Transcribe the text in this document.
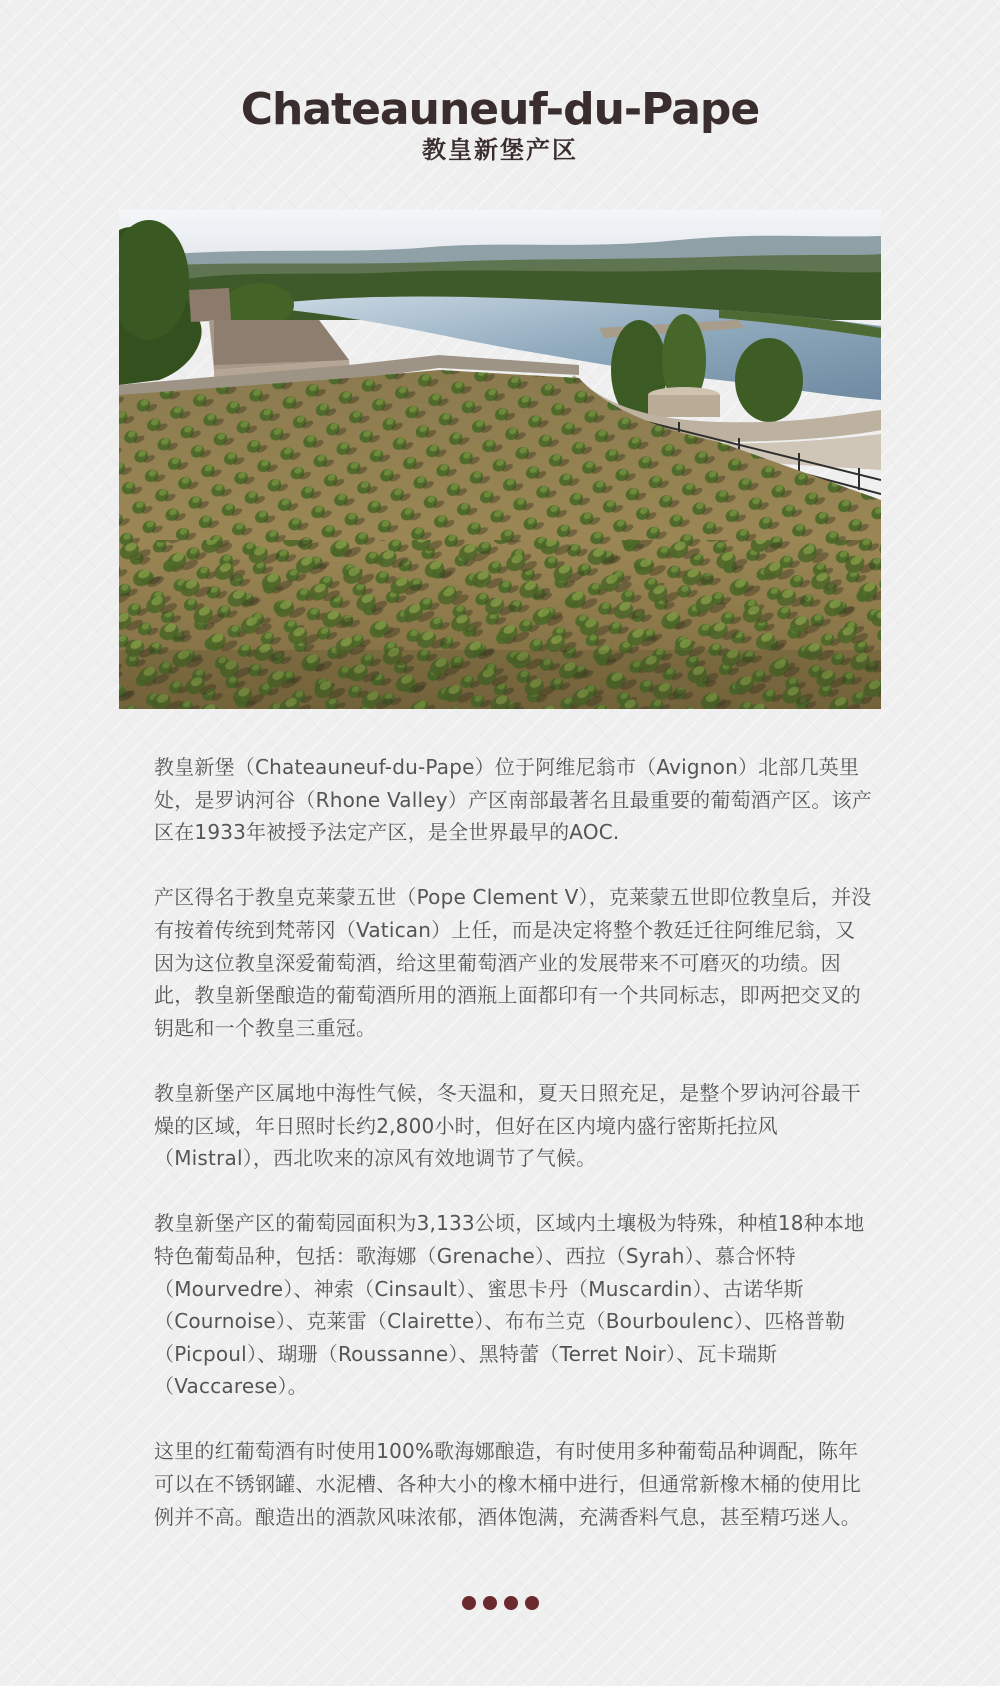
Chateauneuf-du-Pape
教皇新堡产区

教皇新堡（Chateauneuf-du-Pape）位于阿维尼翁市（Avignon）北部几英里处，是罗讷河谷（Rhone Valley）产区南部最著名且最重要的葡萄酒产区。该产区在1933年被授予法定产区，是全世界最早的AOC.

产区得名于教皇克莱蒙五世（Pope Clement V），克莱蒙五世即位教皇后，并没有按着传统到梵蒂冈（Vatican）上任，而是决定将整个教廷迁往阿维尼翁，又因为这位教皇深爱葡萄酒，给这里葡萄酒产业的发展带来不可磨灭的功绩。因此，教皇新堡酿造的葡萄酒所用的酒瓶上面都印有一个共同标志，即两把交叉的钥匙和一个教皇三重冠。

教皇新堡产区属地中海性气候，冬天温和，夏天日照充足，是整个罗讷河谷最干燥的区域，年日照时长约2,800小时，但好在区内境内盛行密斯托拉风（Mistral），西北吹来的凉风有效地调节了气候。

教皇新堡产区的葡萄园面积为3,133公顷，区域内土壤极为特殊，种植18种本地特色葡萄品种，包括：歌海娜（Grenache）、西拉（Syrah）、慕合怀特（Mourvedre）、神索（Cinsault）、蜜思卡丹（Muscardin）、古诺华斯（Cournoise）、克莱雷（Clairette）、布布兰克（Bourboulenc）、匹格普勒（Picpoul）、瑚珊（Roussanne）、黑特蕾（Terret Noir）、瓦卡瑞斯（Vaccarese）。

这里的红葡萄酒有时使用100%歌海娜酿造，有时使用多种葡萄品种调配，陈年可以在不锈钢罐、水泥槽、各种大小的橡木桶中进行，但通常新橡木桶的使用比例并不高。酿造出的酒款风味浓郁，酒体饱满，充满香料气息，甚至精巧迷人。
